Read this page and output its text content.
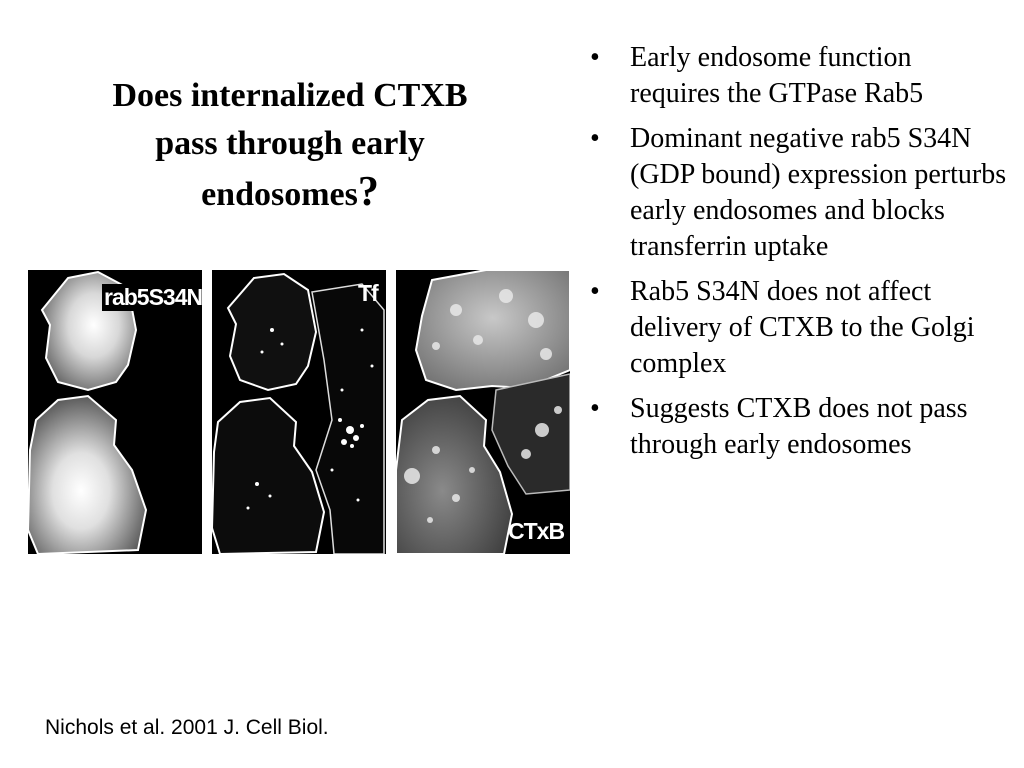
Does internalized CTXB
pass through early
endosomes?
• Early endosome function requires the GTPase Rab5
• Dominant negative rab5 S34N (GDP bound) expression perturbs early endosomes and blocks transferrin uptake
• Rab5 S34N does not affect delivery of CTXB to the Golgi complex
• Suggests CTXB does not pass through early endosomes
rab5S34N	Tf
CTxB
Nichols et al. 2001 J. Cell Biol.
